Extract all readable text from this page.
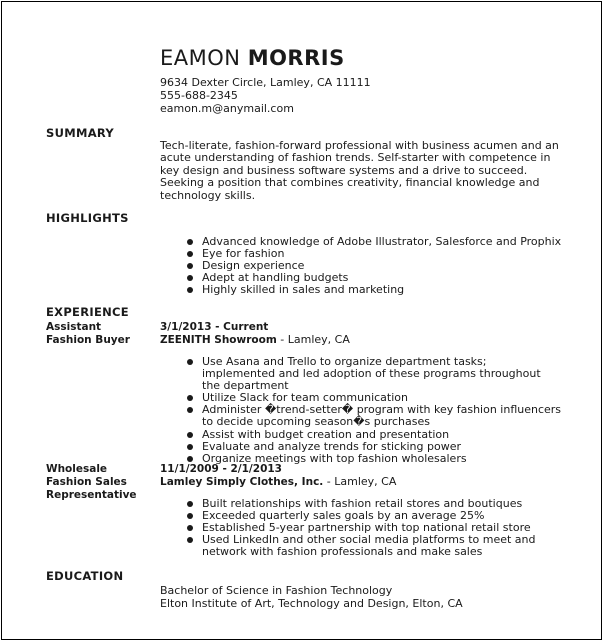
EAMON MORRIS
9634 Dexter Circle, Lamley, CA 11111
555-688-2345
eamon.m@anymail.com
SUMMARY
Tech-literate, fashion-forward professional with business acumen and an acute understanding of fashion trends. Self-starter with competence in key design and business software systems and a drive to succeed. Seeking a position that combines creativity, financial knowledge and technology skills.
HIGHLIGHTS
Advanced knowledge of Adobe Illustrator, Salesforce and Prophix
Eye for fashion
Design experience
Adept at handling budgets
Highly skilled in sales and marketing
EXPERIENCE
Assistant Fashion Buyer
3/1/2013 - Current
ZEENITH Showroom - Lamley, CA
Use Asana and Trello to organize department tasks; implemented and led adoption of these programs throughout the department
Utilize Slack for team communication
Administer �trend-setter� program with key fashion influencers to decide upcoming season�s purchases
Assist with budget creation and presentation
Evaluate and analyze trends for sticking power
Organize meetings with top fashion wholesalers
Wholesale Fashion Sales Representative
11/1/2009 - 2/1/2013
Lamley Simply Clothes, Inc. - Lamley, CA
Built relationships with fashion retail stores and boutiques
Exceeded quarterly sales goals by an average 25%
Established 5-year partnership with top national retail store
Used LinkedIn and other social media platforms to meet and network with fashion professionals and make sales
EDUCATION
Bachelor of Science in Fashion Technology
Elton Institute of Art, Technology and Design, Elton, CA
